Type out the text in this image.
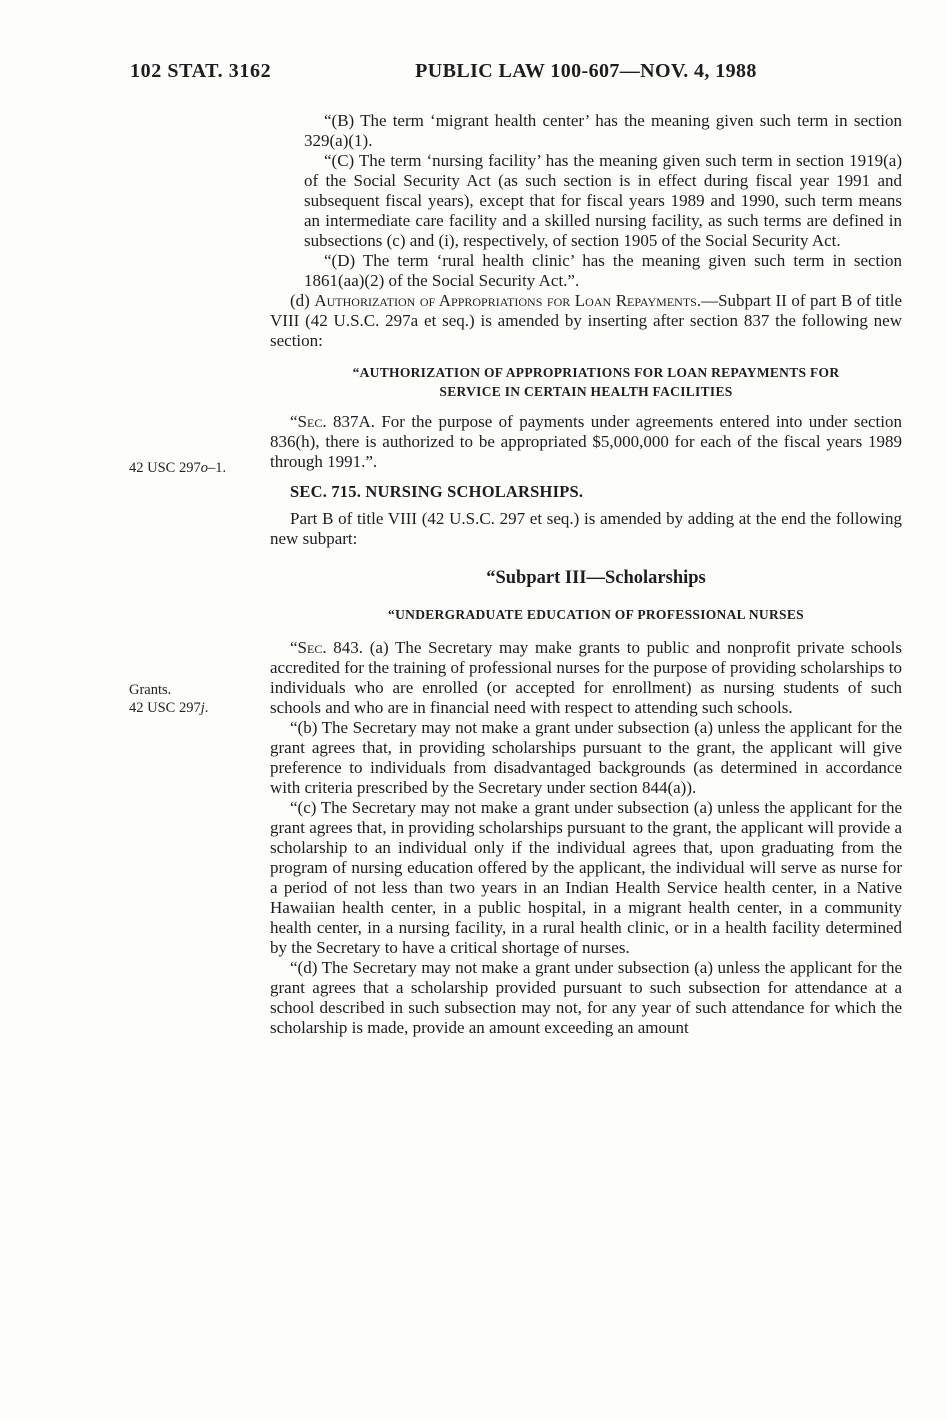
102 STAT. 3162	PUBLIC LAW 100-607—NOV. 4, 1988
42 USC 297o–1.
Grants.
42 USC 297j.

“(B) The term ‘migrant health center’ has the meaning given such term in section 329(a)(1).

“(C) The term ‘nursing facility’ has the meaning given such term in section 1919(a) of the Social Security Act (as such section is in effect during fiscal year 1991 and subsequent fiscal years), except that for fiscal years 1989 and 1990, such term means an intermediate care facility and a skilled nursing facility, as such terms are defined in subsections (c) and (i), respectively, of section 1905 of the Social Security Act.

“(D) The term ‘rural health clinic’ has the meaning given such term in section 1861(aa)(2) of the Social Security Act.”.

(d) Authorization of Appropriations for Loan Repayments.—Subpart II of part B of title VIII (42 U.S.C. 297a et seq.) is amended by inserting after section 837 the following new section:

“AUTHORIZATION OF APPROPRIATIONS FOR LOAN REPAYMENTS FOR SERVICE IN CERTAIN HEALTH FACILITIES

“Sec. 837A. For the purpose of payments under agreements entered into under section 836(h), there is authorized to be appropriated $5,000,000 for each of the fiscal years 1989 through 1991.”.

SEC. 715. NURSING SCHOLARSHIPS.

Part B of title VIII (42 U.S.C. 297 et seq.) is amended by adding at the end the following new subpart:

“Subpart III—Scholarships

“UNDERGRADUATE EDUCATION OF PROFESSIONAL NURSES

“Sec. 843. (a) The Secretary may make grants to public and nonprofit private schools accredited for the training of professional nurses for the purpose of providing scholarships to individuals who are enrolled (or accepted for enrollment) as nursing students of such schools and who are in financial need with respect to attending such schools.

“(b) The Secretary may not make a grant under subsection (a) unless the applicant for the grant agrees that, in providing scholarships pursuant to the grant, the applicant will give preference to individuals from disadvantaged backgrounds (as determined in accordance with criteria prescribed by the Secretary under section 844(a)).

“(c) The Secretary may not make a grant under subsection (a) unless the applicant for the grant agrees that, in providing scholarships pursuant to the grant, the applicant will provide a scholarship to an individual only if the individual agrees that, upon graduating from the program of nursing education offered by the applicant, the individual will serve as nurse for a period of not less than two years in an Indian Health Service health center, in a Native Hawaiian health center, in a public hospital, in a migrant health center, in a community health center, in a nursing facility, in a rural health clinic, or in a health facility determined by the Secretary to have a critical shortage of nurses.

“(d) The Secretary may not make a grant under subsection (a) unless the applicant for the grant agrees that a scholarship provided pursuant to such subsection for attendance at a school described in such subsection may not, for any year of such attendance for which the scholarship is made, provide an amount exceeding an amount
